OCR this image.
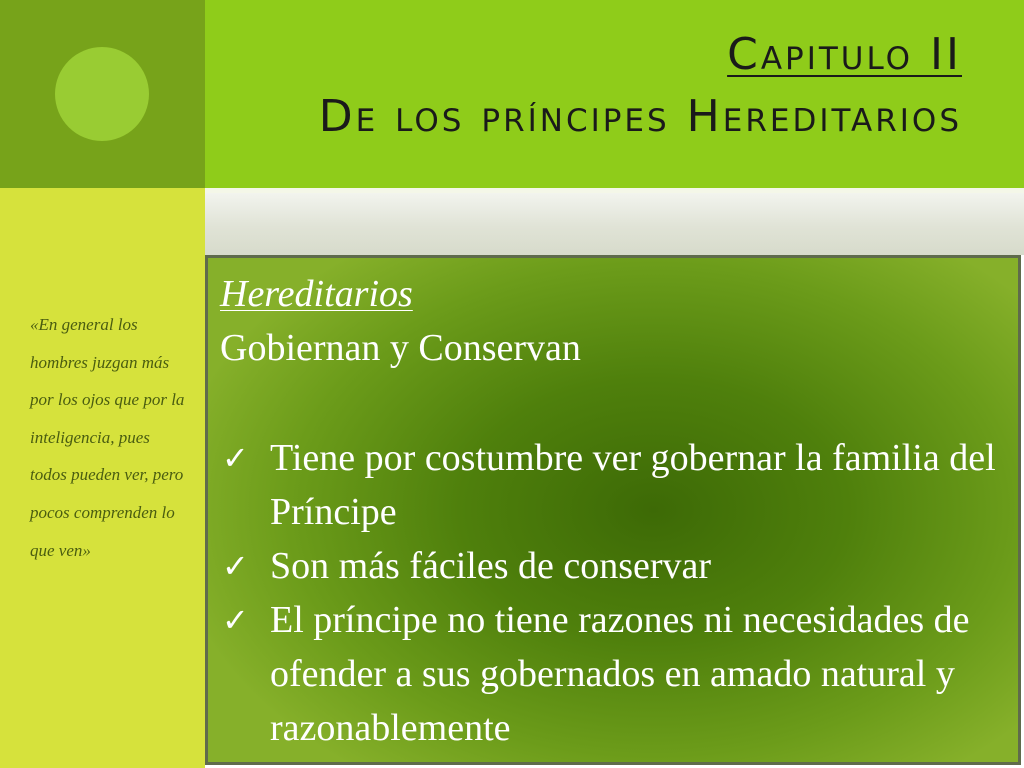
Capitulo II
De los príncipes Hereditarios
«En general los hombres juzgan más por los ojos que por la inteligencia, pues todos pueden ver, pero pocos comprenden lo que ven»
Hereditarios
Gobiernan y Conservan
✓ Tiene por costumbre ver gobernar la familia del Príncipe
✓ Son más fáciles de conservar
✓ El príncipe no tiene razones ni necesidades de ofender a sus gobernados en amado natural y razonablemente
